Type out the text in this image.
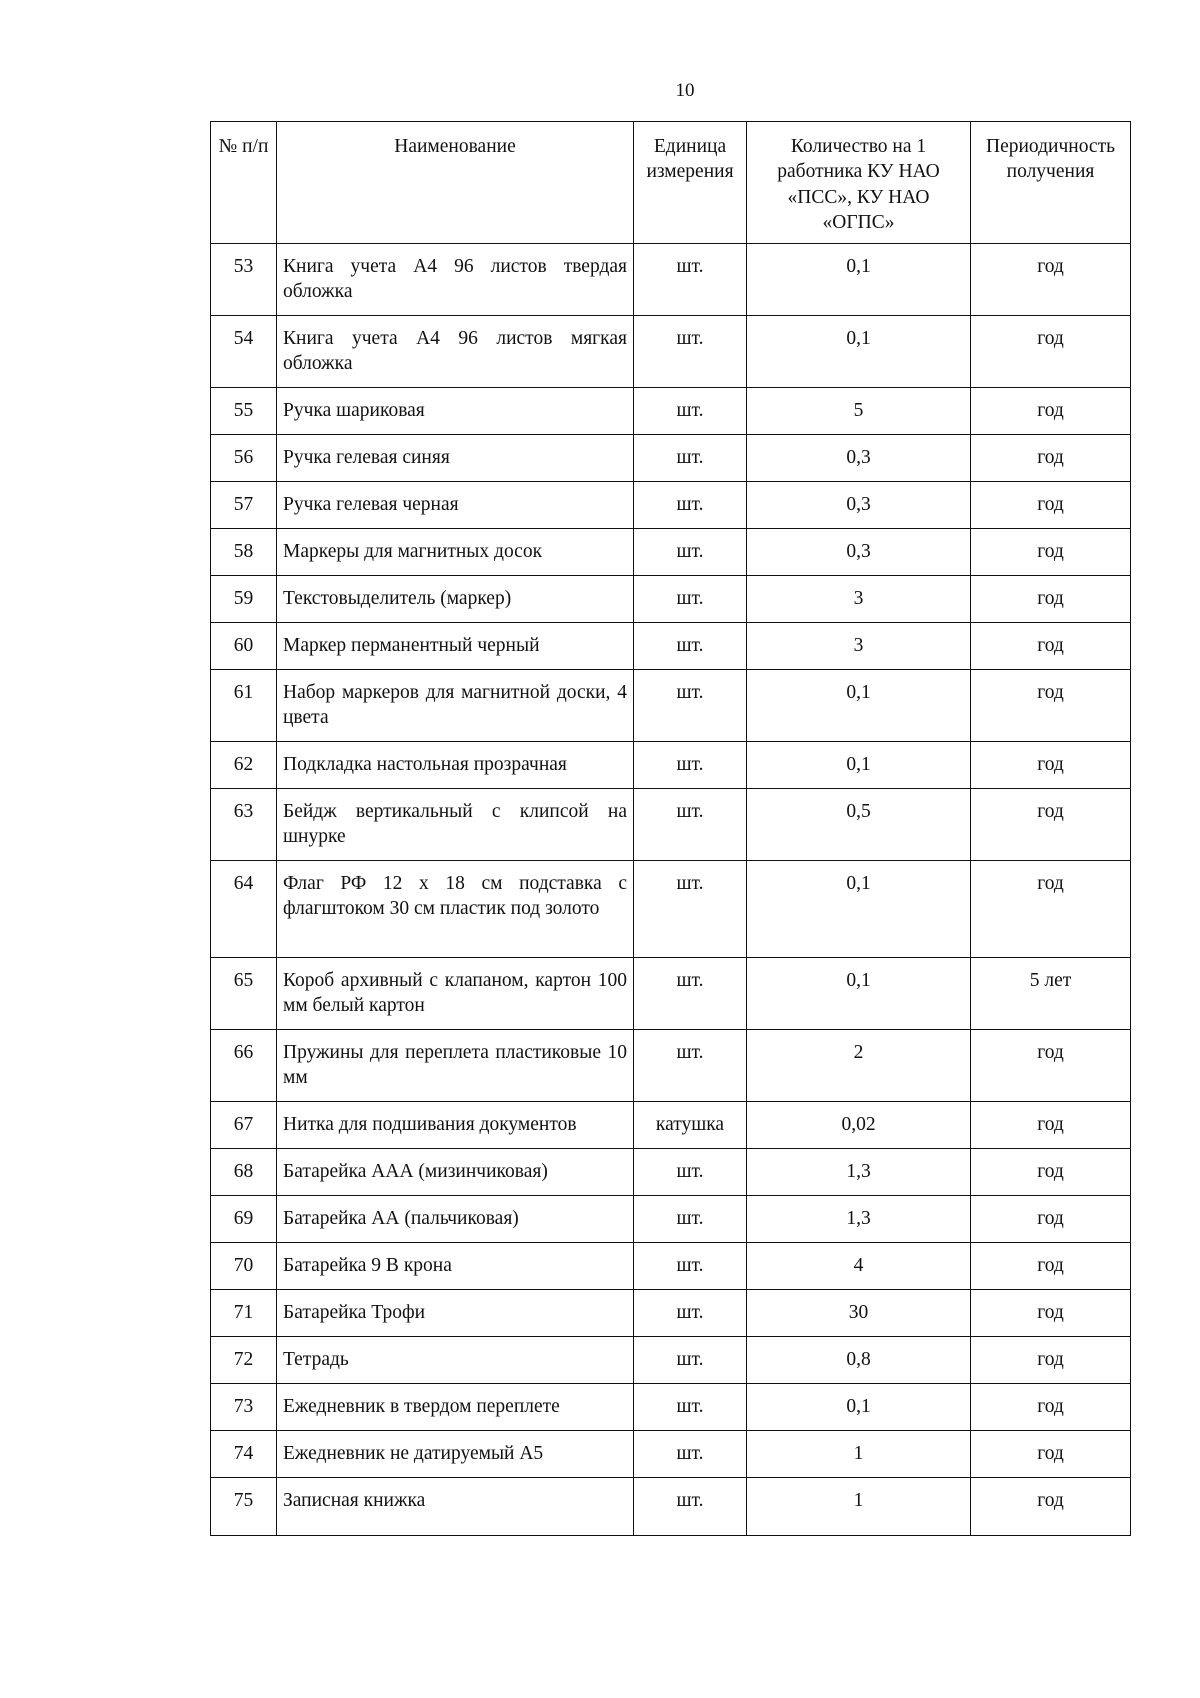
10
№ п/п	Наименование	Единица измерения	Количество на 1 работника КУ НАО «ПСС», КУ НАО «ОГПС»	Периодичность получения
53	Книга учета А4 96 листов твердая обложка	шт.	0,1	год
54	Книга учета А4 96 листов мягкая обложка	шт.	0,1	год
55	Ручка шариковая	шт.	5	год
56	Ручка гелевая синяя	шт.	0,3	год
57	Ручка гелевая черная	шт.	0,3	год
58	Маркеры для магнитных досок	шт.	0,3	год
59	Текстовыделитель (маркер)	шт.	3	год
60	Маркер перманентный черный	шт.	3	год
61	Набор маркеров для магнитной доски, 4 цвета	шт.	0,1	год
62	Подкладка настольная прозрачная	шт.	0,1	год
63	Бейдж вертикальный с клипсой на шнурке	шт.	0,5	год
64	Флаг РФ 12 х 18 см подставка с флагштоком 30 см пластик под золото	шт.	0,1	год
65	Короб архивный с клапаном, картон 100 мм белый картон	шт.	0,1	5 лет
66	Пружины для переплета пластиковые 10 мм	шт.	2	год
67	Нитка для подшивания документов	катушка	0,02	год
68	Батарейка ААА (мизинчиковая)	шт.	1,3	год
69	Батарейка АА (пальчиковая)	шт.	1,3	год
70	Батарейка 9 В крона	шт.	4	год
71	Батарейка Трофи	шт.	30	год
72	Тетрадь	шт.	0,8	год
73	Ежедневник в твердом переплете	шт.	0,1	год
74	Ежедневник не датируемый А5	шт.	1	год
75	Записная книжка	шт.	1	год
